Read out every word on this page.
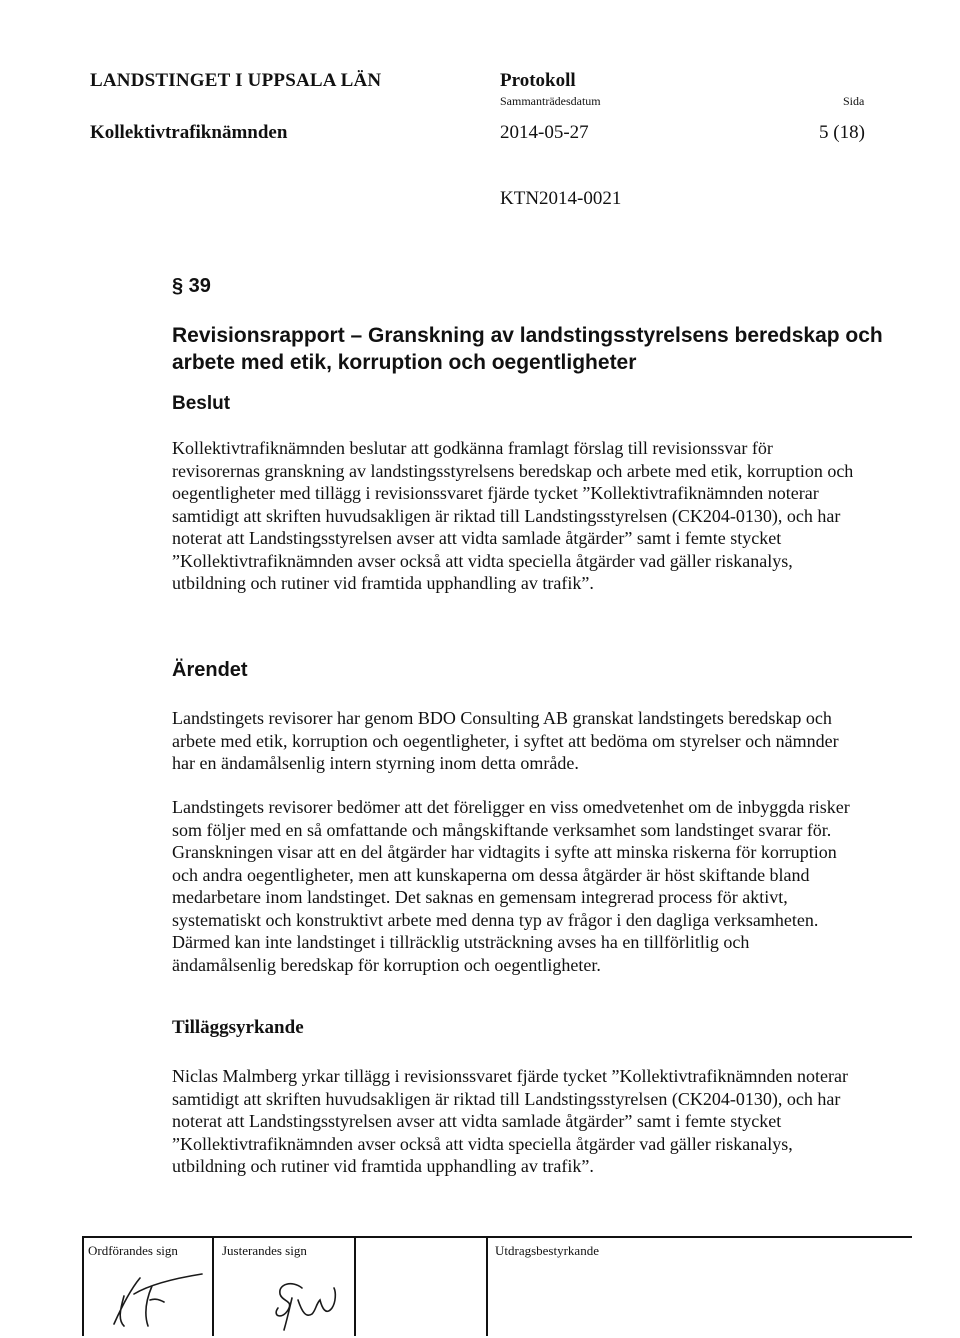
LANDSTINGET I UPPSALA LÄN	Protokoll
Sammanträdesdatum	Sida
Kollektivtrafiknämnden	2014-05-27	5 (18)
KTN2014-0021
§ 39
Revisionsrapport – Granskning av landstingsstyrelsens beredskap och arbete med etik, korruption och oegentligheter
Beslut

Kollektivtrafiknämnden beslutar att godkänna framlagt förslag till revisionssvar för
revisorernas granskning av landstingsstyrelsens beredskap och arbete med etik, korruption och
oegentligheter med tillägg i revisionssvaret fjärde tycket ”Kollektivtrafiknämnden noterar
samtidigt att skriften huvudsakligen är riktad till Landstingsstyrelsen (CK204-0130), och har
noterat att Landstingsstyrelsen avser att vidta samlade åtgärder” samt i femte stycket
”Kollektivtrafiknämnden avser också att vidta speciella åtgärder vad gäller riskanalys,
utbildning och rutiner vid framtida upphandling av trafik”.

Ärendet

Landstingets revisorer har genom BDO Consulting AB granskat landstingets beredskap och
arbete med etik, korruption och oegentligheter, i syftet att bedöma om styrelser och nämnder
har en ändamålsenlig intern styrning inom detta område.

Landstingets revisorer bedömer att det föreligger en viss omedvetenhet om de inbyggda risker
som följer med en så omfattande och mångskiftande verksamhet som landstinget svarar för.
Granskningen visar att en del åtgärder har vidtagits i syfte att minska riskerna för korruption
och andra oegentligheter, men att kunskaperna om dessa åtgärder är höst skiftande bland
medarbetare inom landstinget. Det saknas en gemensam integrerad process för aktivt,
systematiskt och konstruktivt arbete med denna typ av frågor i den dagliga verksamheten.
Därmed kan inte landstinget i tillräcklig utsträckning avses ha en tillförlitlig och
ändamålsenlig beredskap för korruption och oegentligheter.

Tilläggsyrkande

Niclas Malmberg yrkar tillägg i revisionssvaret fjärde tycket ”Kollektivtrafiknämnden noterar
samtidigt att skriften huvudsakligen är riktad till Landstingsstyrelsen (CK204-0130), och har
noterat att Landstingsstyrelsen avser att vidta samlade åtgärder” samt i femte stycket
”Kollektivtrafiknämnden avser också att vidta speciella åtgärder vad gäller riskanalys,
utbildning och rutiner vid framtida upphandling av trafik”.

Ordförandes sign	Justerandes sign	Utdragsbestyrkande
